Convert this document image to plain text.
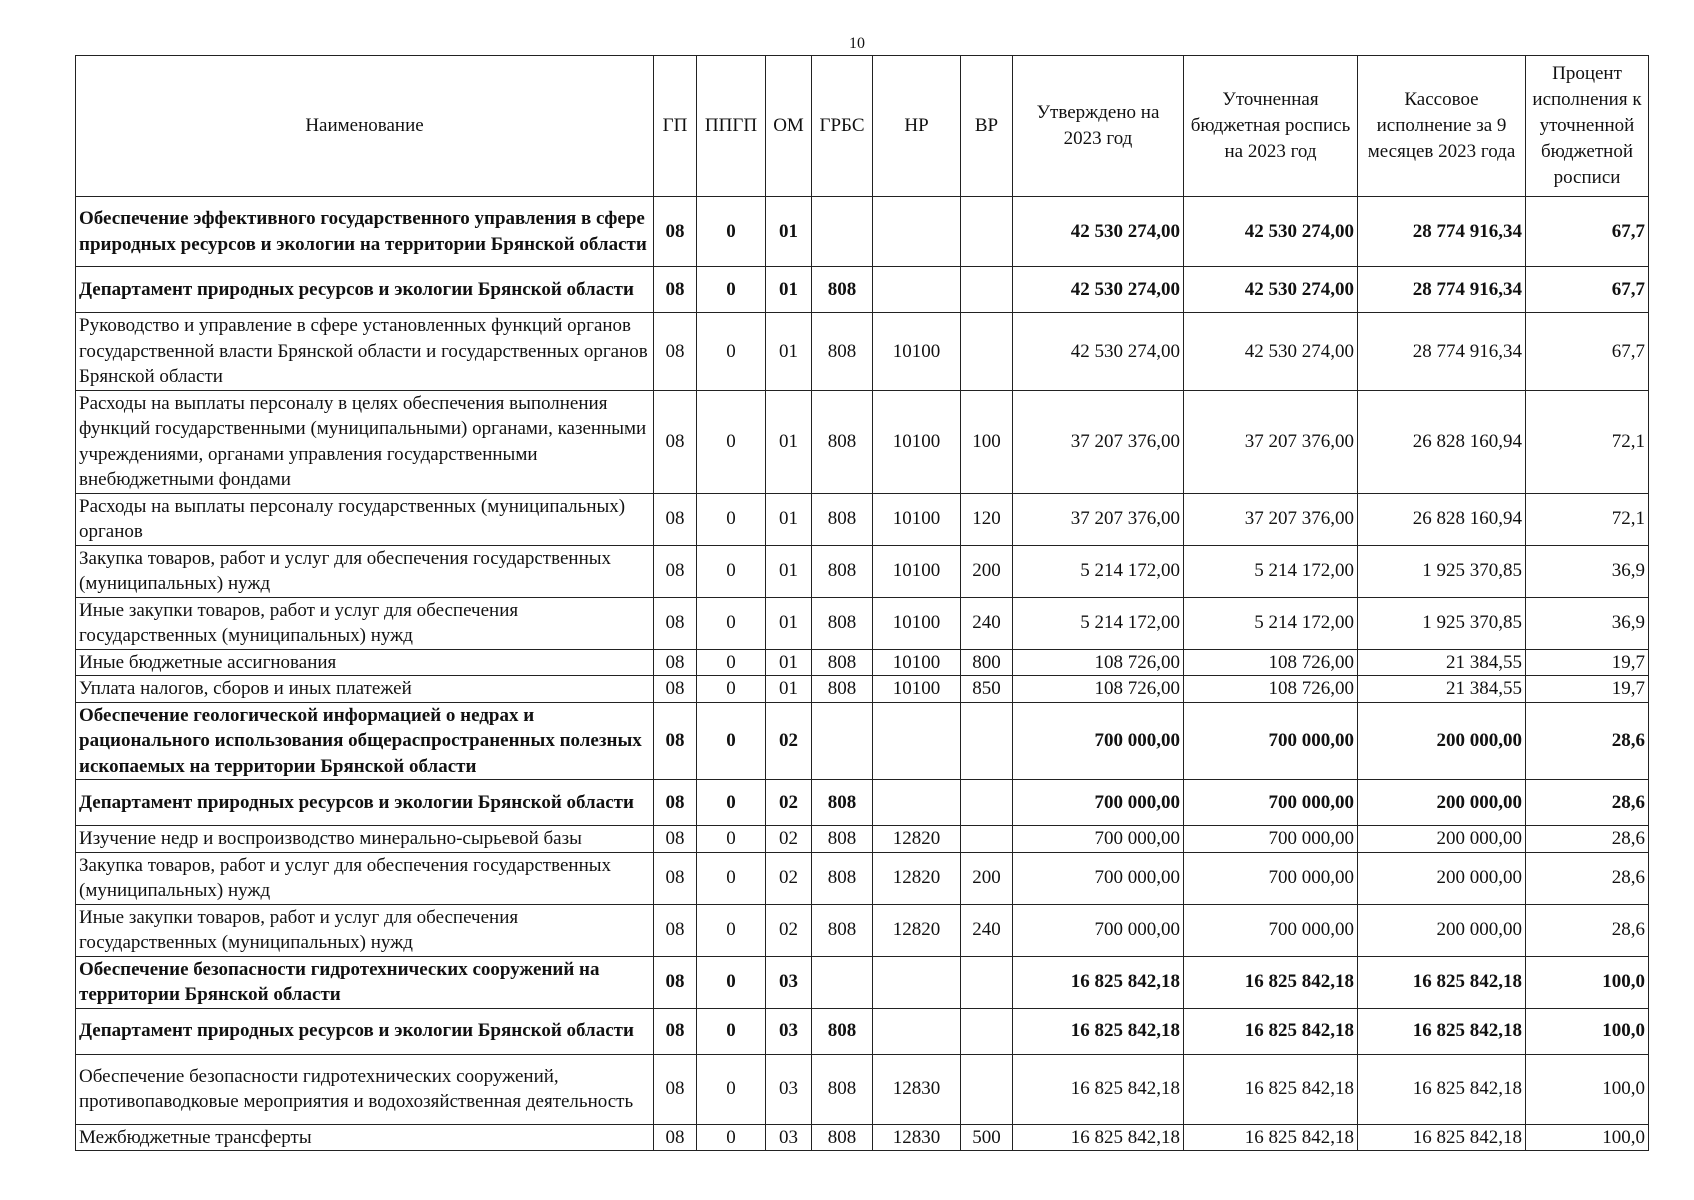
10
Наименование	ГП	ППГП	ОМ	ГРБС	НР	ВР	Утверждено на 2023 год	Уточненная бюджетная роспись на 2023 год	Кассовое исполнение за 9 месяцев 2023 года	Процент исполнения к уточненной бюджетной росписи
Обеспечение эффективного государственного управления в сфере природных ресурсов и экологии на территории Брянской области	08	0	01				42 530 274,00	42 530 274,00	28 774 916,34	67,7
Департамент природных ресурсов и экологии Брянской области	08	0	01	808			42 530 274,00	42 530 274,00	28 774 916,34	67,7
Руководство и управление в сфере установленных функций органов государственной власти Брянской области и государственных органов Брянской области	08	0	01	808	10100		42 530 274,00	42 530 274,00	28 774 916,34	67,7
Расходы на выплаты персоналу в целях обеспечения выполнения функций государственными (муниципальными) органами, казенными учреждениями, органами управления государственными внебюджетными фондами	08	0	01	808	10100	100	37 207 376,00	37 207 376,00	26 828 160,94	72,1
Расходы на выплаты персоналу государственных (муниципальных) органов	08	0	01	808	10100	120	37 207 376,00	37 207 376,00	26 828 160,94	72,1
Закупка товаров, работ и услуг для обеспечения государственных (муниципальных) нужд	08	0	01	808	10100	200	5 214 172,00	5 214 172,00	1 925 370,85	36,9
Иные закупки товаров, работ и услуг для обеспечения государственных (муниципальных) нужд	08	0	01	808	10100	240	5 214 172,00	5 214 172,00	1 925 370,85	36,9
Иные бюджетные ассигнования	08	0	01	808	10100	800	108 726,00	108 726,00	21 384,55	19,7
Уплата налогов, сборов и иных платежей	08	0	01	808	10100	850	108 726,00	108 726,00	21 384,55	19,7
Обеспечение геологической информацией о недрах и рационального использования общераспространенных полезных ископаемых на территории Брянской области	08	0	02				700 000,00	700 000,00	200 000,00	28,6
Департамент природных ресурсов и экологии Брянской области	08	0	02	808			700 000,00	700 000,00	200 000,00	28,6
Изучение недр и воспроизводство минерально-сырьевой базы	08	0	02	808	12820		700 000,00	700 000,00	200 000,00	28,6
Закупка товаров, работ и услуг для обеспечения государственных (муниципальных) нужд	08	0	02	808	12820	200	700 000,00	700 000,00	200 000,00	28,6
Иные закупки товаров, работ и услуг для обеспечения государственных (муниципальных) нужд	08	0	02	808	12820	240	700 000,00	700 000,00	200 000,00	28,6
Обеспечение безопасности гидротехнических сооружений на территории Брянской области	08	0	03				16 825 842,18	16 825 842,18	16 825 842,18	100,0
Департамент природных ресурсов и экологии Брянской области	08	0	03	808			16 825 842,18	16 825 842,18	16 825 842,18	100,0
Обеспечение безопасности гидротехнических сооружений, противопаводковые мероприятия и водохозяйственная деятельность	08	0	03	808	12830		16 825 842,18	16 825 842,18	16 825 842,18	100,0
Межбюджетные трансферты	08	0	03	808	12830	500	16 825 842,18	16 825 842,18	16 825 842,18	100,0
